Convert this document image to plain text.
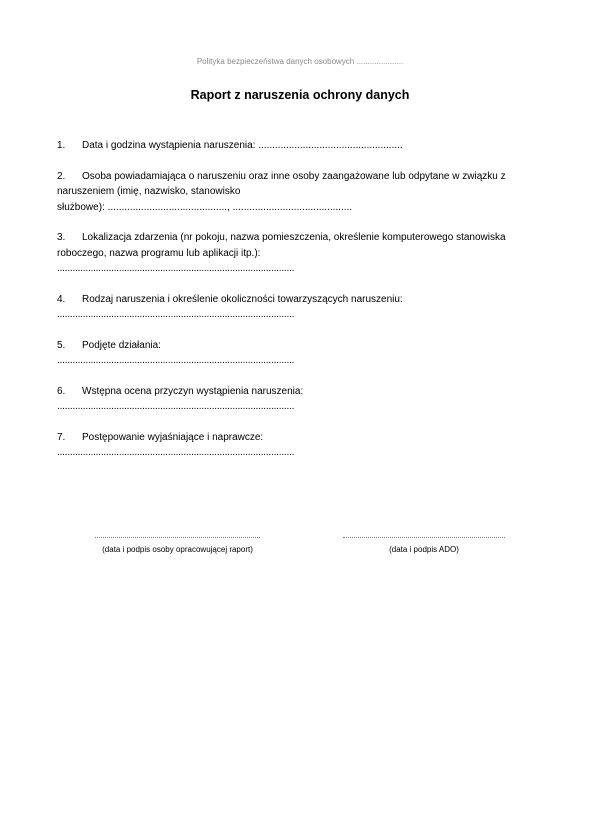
Polityka bezpieczeństwa danych osobowych .....................
Raport z naruszenia ochrony danych

1. Data i godzina wystąpienia naruszenia: ....................................................

2. Osoba powiadamiająca o naruszeniu oraz inne osoby zaangażowane lub odpytane w związku z naruszeniem (imię, nazwisko, stanowisko

służbowe): ..........................................., ...........................................

3. Lokalizacja zdarzenia (nr pokoju, nazwa pomieszczenia, określenie komputerowego stanowiska roboczego, nazwa programu lub aplikacji itp.):

............................................................................................

4. Rodzaj naruszenia i określenie okoliczności towarzyszących naruszeniu:

............................................................................................

5. Podjęte działania:

............................................................................................

6. Wstępna ocena przyczyn wystąpienia naruszenia:

............................................................................................

7. Postępowanie wyjaśniające i naprawcze:

............................................................................................
(data i podpis osoby opracowującej raport)	(data i podpis ADO)
